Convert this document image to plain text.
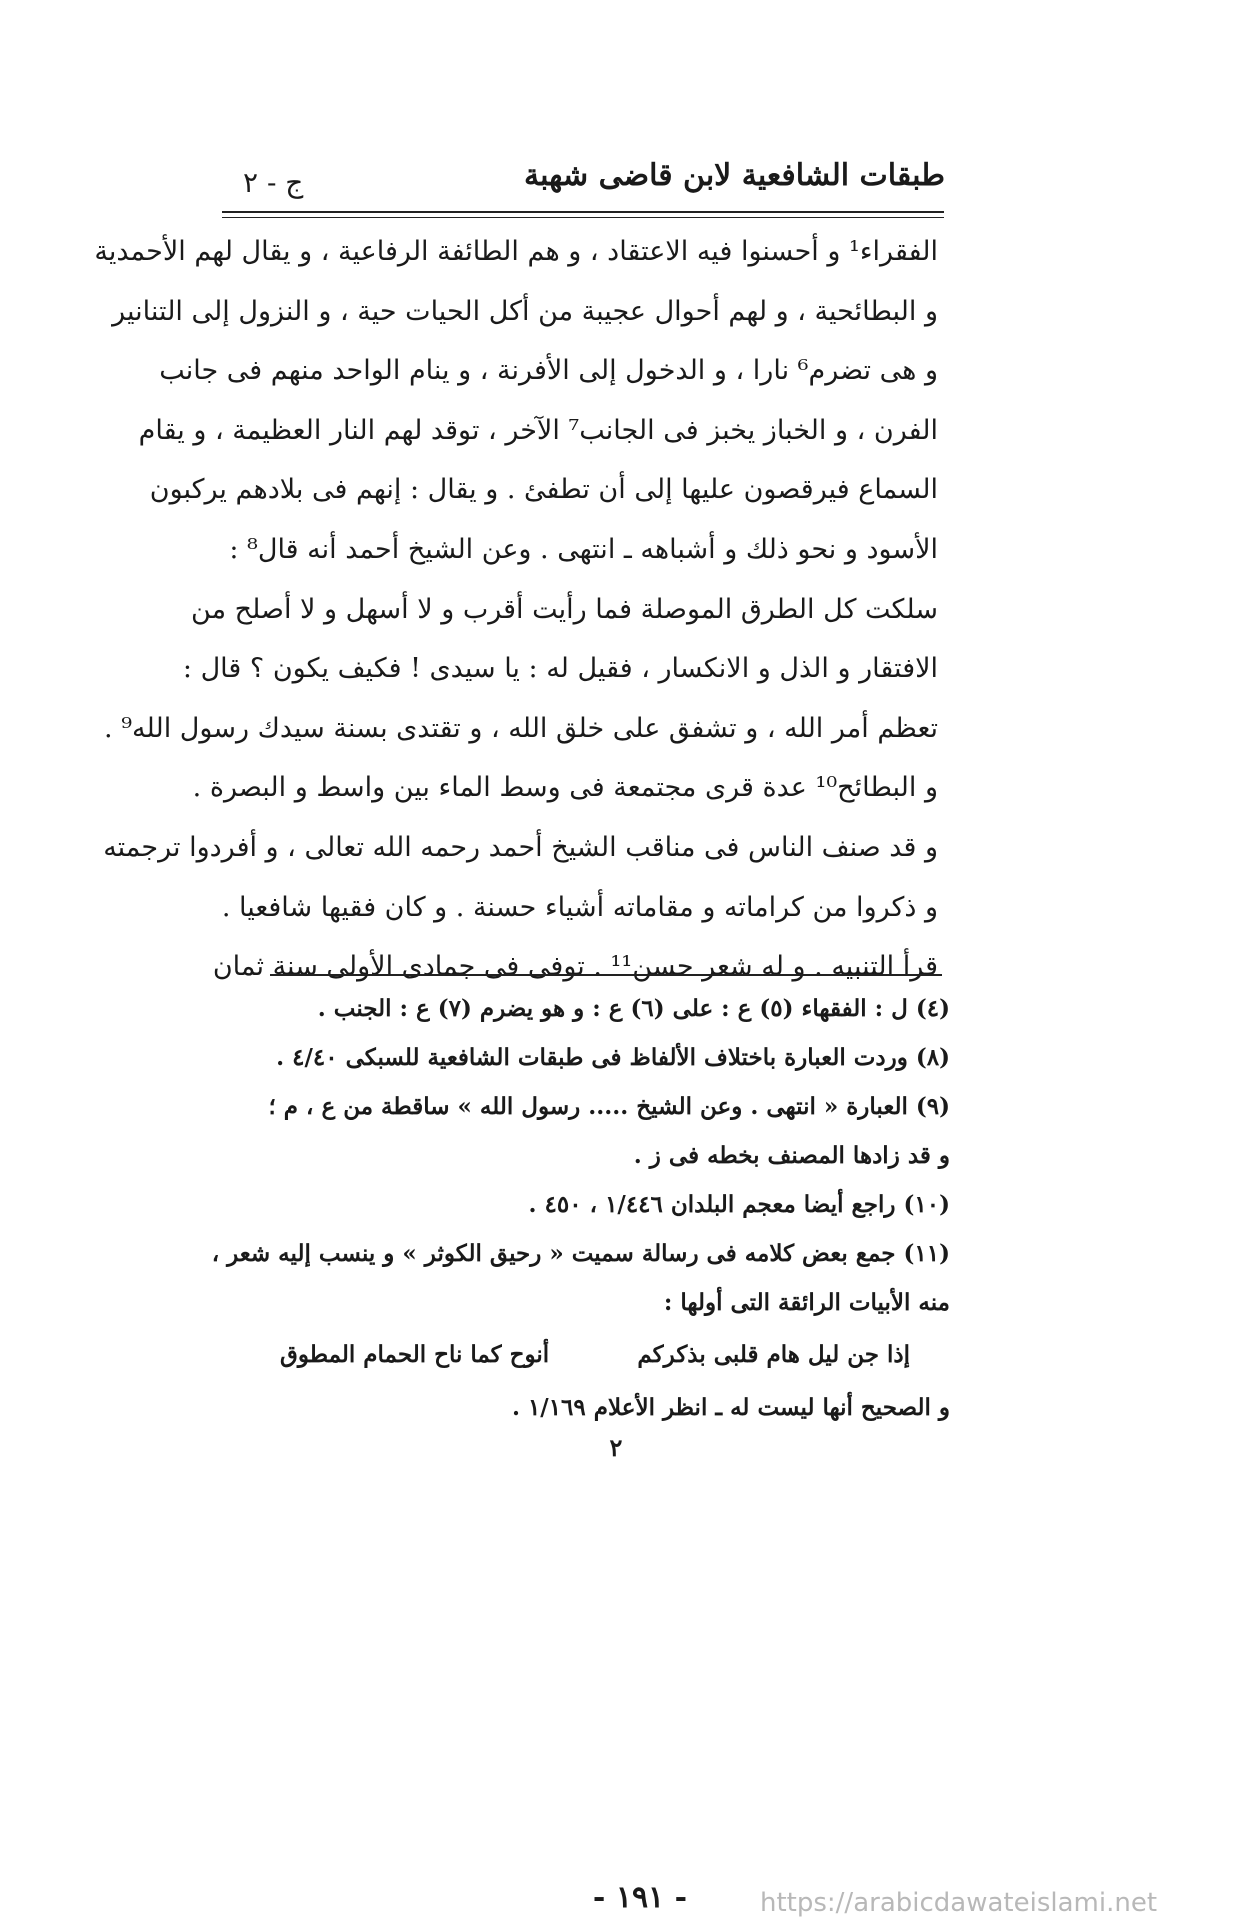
طبقات الشافعية لابن قاضى شهبة
ج - ٢
الفقراء¹ و أحسنوا فيه الاعتقاد ، و هم الطائفة الرفاعية ، و يقال لهم الأحمدية
و البطائحية ، و لهم أحوال عجيبة من أكل الحيات حية ، و النزول إلى التنانير
و هى تضرم⁶ نارا ، و الدخول إلى الأفرنة ، و ينام الواحد منهم فى جانب
الفرن ، و الخباز يخبز فى الجانب⁷ الآخر ، توقد لهم النار العظيمة ، و يقام
السماع فيرقصون عليها إلى أن تطفئ . و يقال : إنهم فى بلادهم يركبون
الأسود و نحو ذلك و أشباهه ـ انتهى . وعن الشيخ أحمد أنه قال⁸ :
سلكت كل الطرق الموصلة فما رأيت أقرب و لا أسهل و لا أصلح من
الافتقار و الذل و الانكسار ، فقيل له : يا سيدى ! فكيف يكون ؟ قال :
تعظم أمر الله ، و تشفق على خلق الله ، و تقتدى بسنة سيدك رسول الله⁹ .
و البطائح¹⁰ عدة قرى مجتمعة فى وسط الماء بين واسط و البصرة .
و قد صنف الناس فى مناقب الشيخ أحمد رحمه الله تعالى ، و أفردوا ترجمته
و ذكروا من كراماته و مقاماته أشياء حسنة . و كان فقيها شافعيا .
قرأ التنبيه . و له شعر حسن¹¹ . توفى فى جمادى الأولى سنة ثمان
(٤) ل : الفقهاء (٥) ع : على (٦) ع : و هو يضرم (٧) ع : الجنب .
(٨) وردت العبارة باختلاف الألفاظ فى طبقات الشافعية للسبكى ٤/٤٠ .
(٩) العبارة « انتهى . وعن الشيخ ..... رسول الله » ساقطة من ع ، م ؛
و قد زادها المصنف بخطه فى ز .
(١٠) راجع أيضا معجم البلدان ١/٤٤٦ ، ٤٥٠ .
(١١) جمع بعض كلامه فى رسالة سميت « رحيق الكوثر » و ينسب إليه شعر ،
منه الأبيات الرائقة التى أولها :
إذا جن ليل هام قلبى بذكركم
أنوح كما ناح الحمام المطوق
و الصحيح أنها ليست له ـ انظر الأعلام ١/١٦٩ .
٢
- ١٩١ -	https://arabicdawateislami.net
